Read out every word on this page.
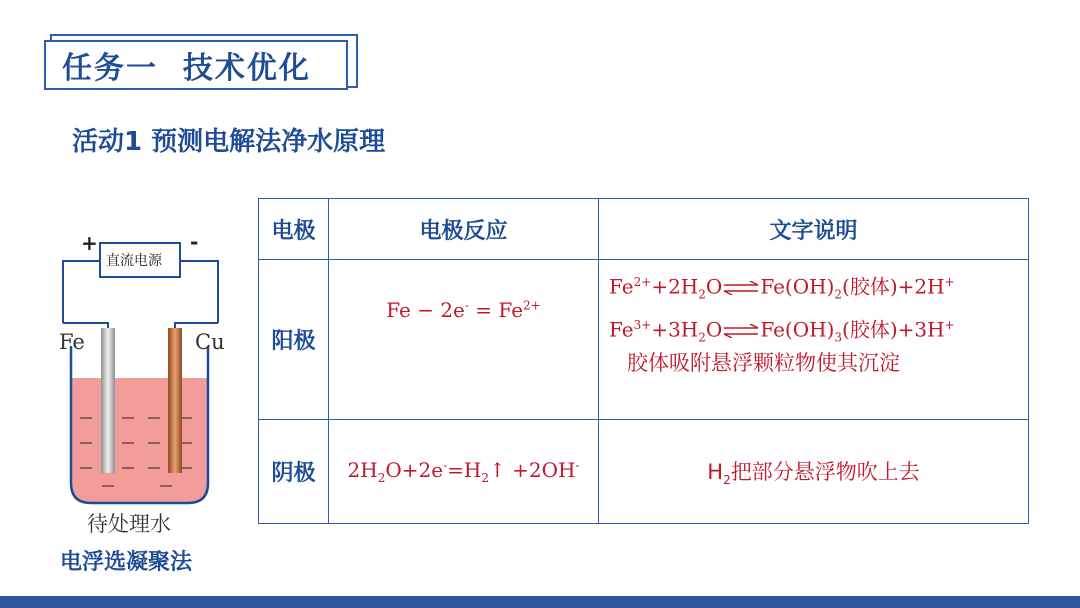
任务一  技术优化
活动1 预测电解法净水原理
直流电源
+	-
Fe	Cu
待处理水
电浮选凝聚法
电极	电极反应	文字说明
阳极	$Fe - 2e^- = Fe^{2+}$	$Fe^{2+}+2H_2O\rightleftharpoons Fe(OH)_2$(胶体)+2H+
$Fe^{3+}+3H_2O\rightleftharpoons Fe(OH)_3$(胶体)+3H+
胶体吸附悬浮颗粒物使其沉淀

阴极	$2H_2O+2e^-=H_2↑ +2OH^-$	$H_2$把部分悬浮物吹上去
